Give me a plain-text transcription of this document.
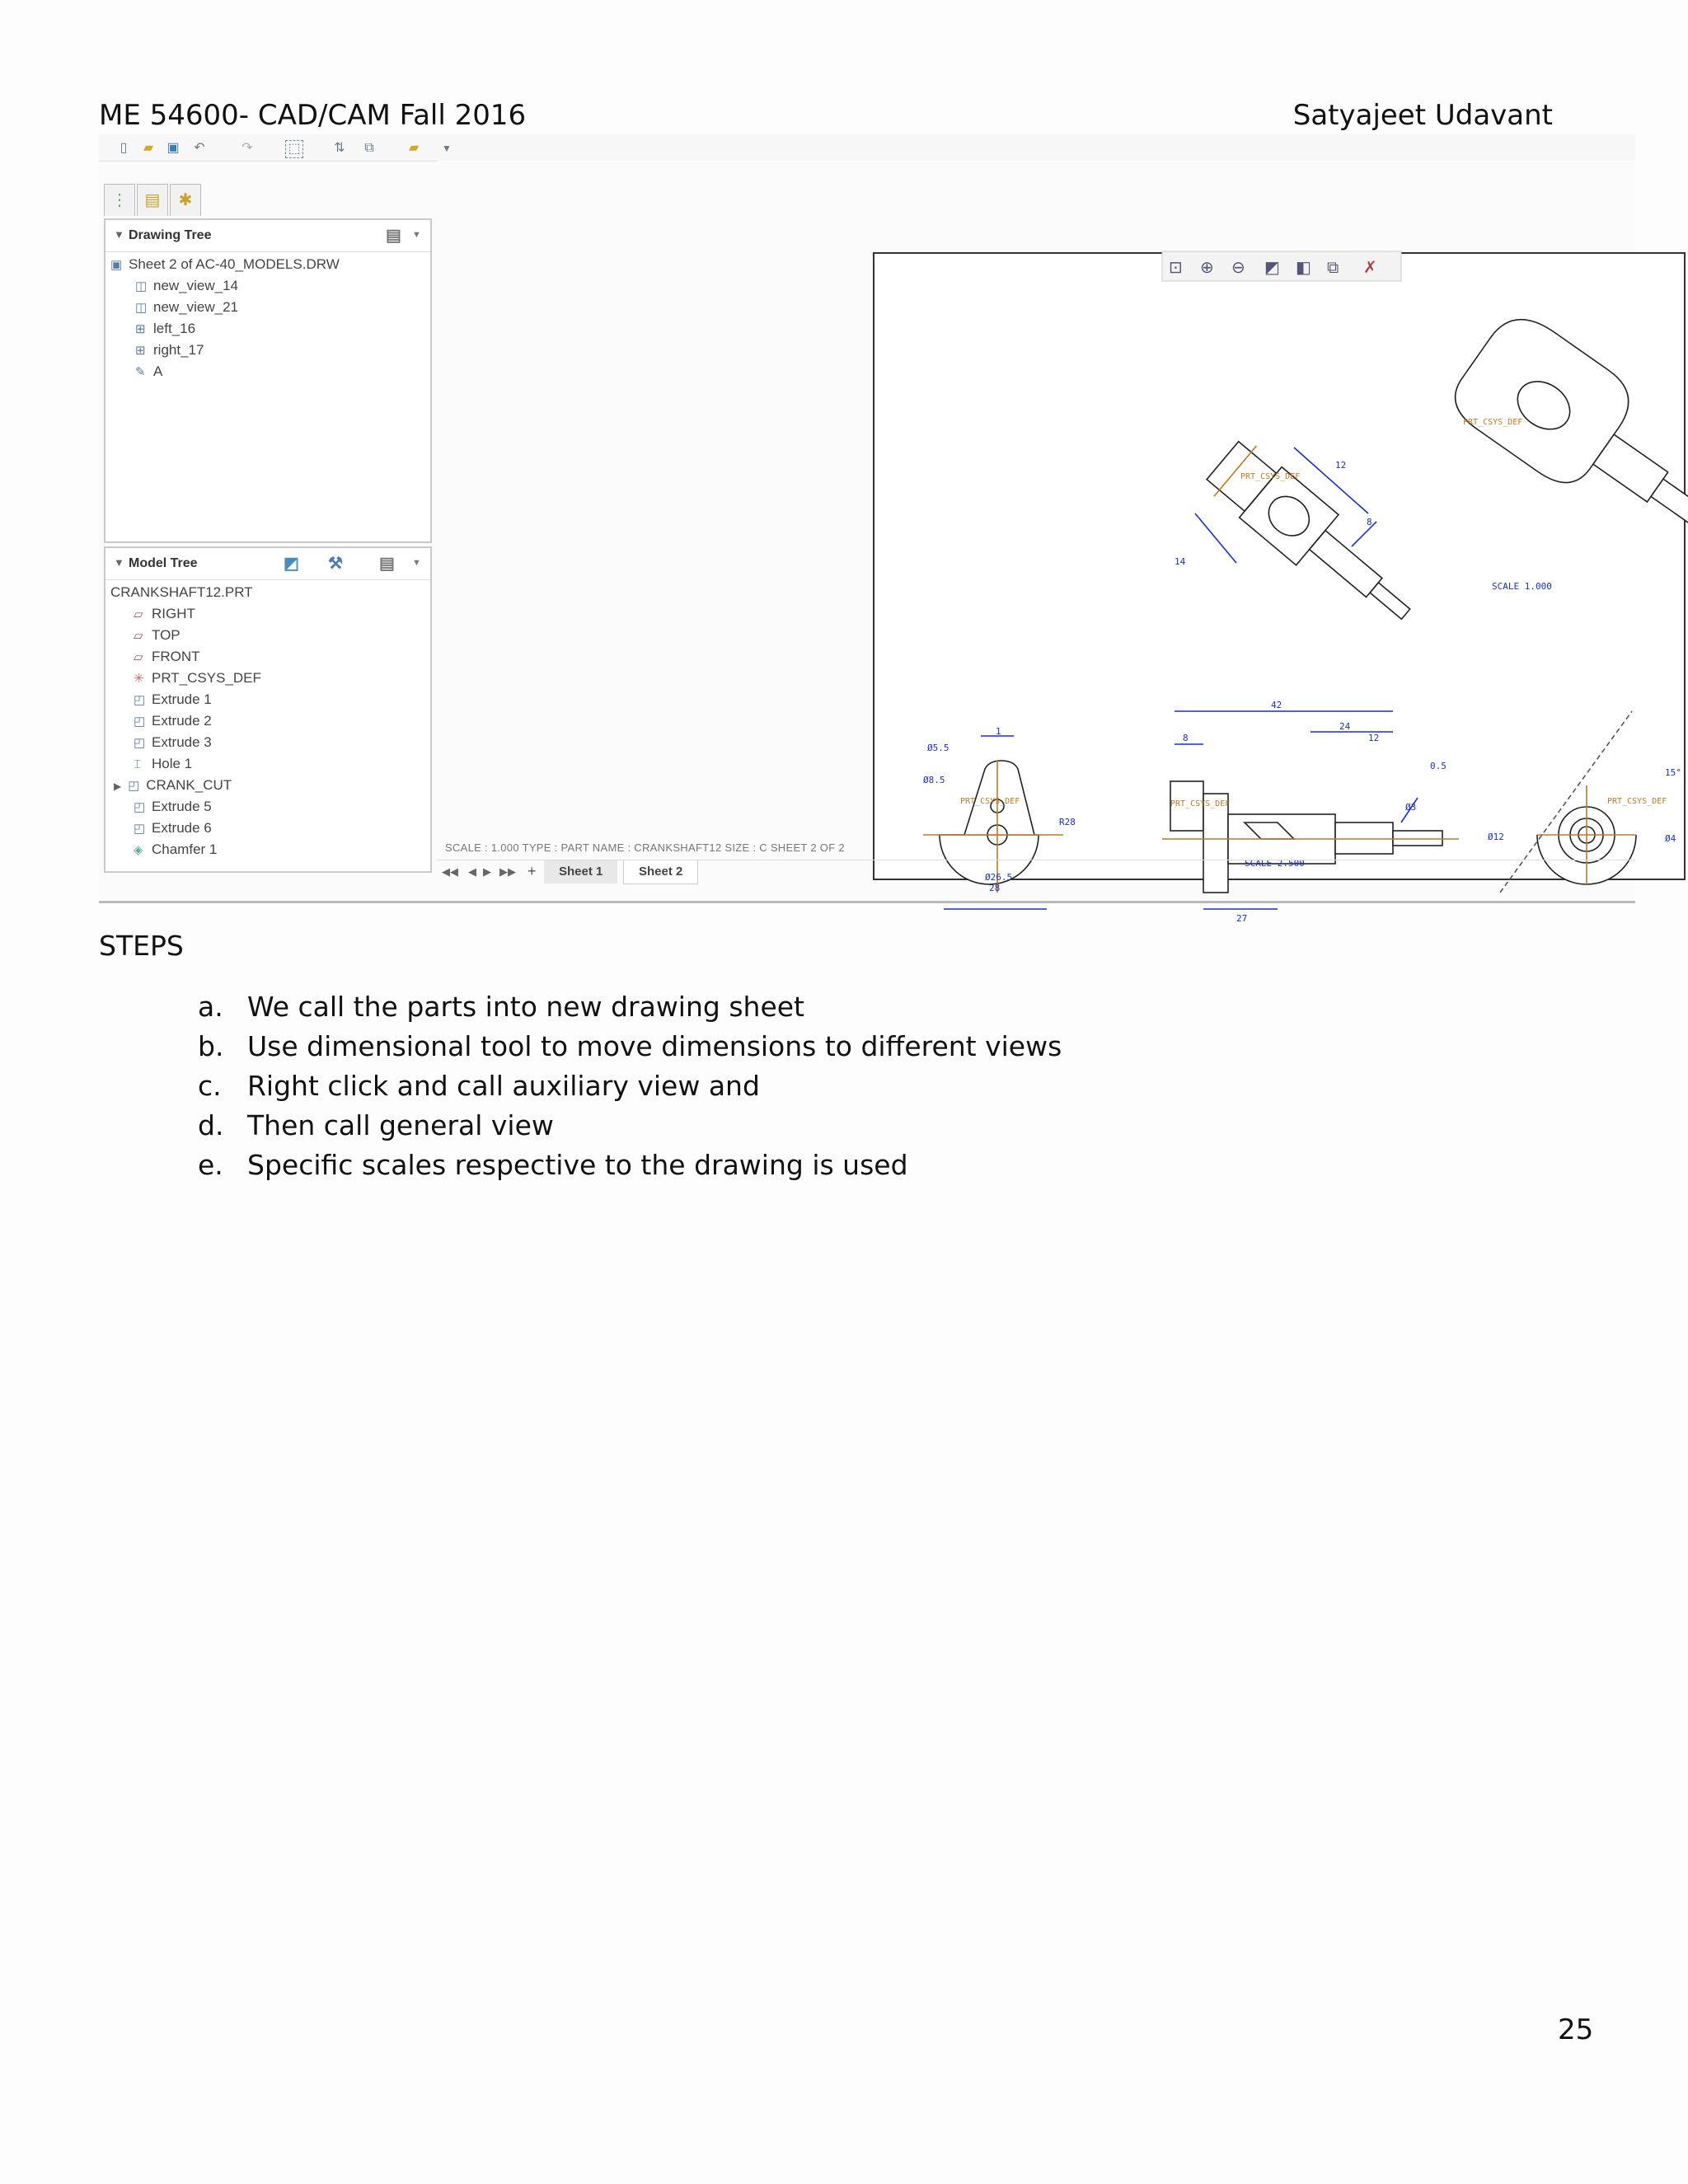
ME 54600- CAD/CAM Fall 2016	Satyajeet Udavant
▯	▰ ▣ ↶	↷	⬚	⇅ ⧉	▰	▼
⋮	▤	✱
▼ Drawing Tree	▤ ▼
▣ Sheet 2 of AC-40_MODELS.DRW
◫ new_view_14
◫ new_view_21
⊞ left_16
⊞ right_17
✎ A
▼ Model Tree	◩ ⚒ ▤ ▼
CRANKSHAFT12.PRT
▱ RIGHT
▱ TOP
▱ FRONT
✳ PRT_CSYS_DEF
◰ Extrude 1
◰ Extrude 2
◰ Extrude 3
⌶ Hole 1
▶ ◰ CRANK_CUT
◰ Extrude 5
◰ Extrude 6
◈ Chamfer 1
⊡ ⊕ ⊖ ◩ ◧ ⧉ ✗
42
24
12
8
0.5
Ø3
27
1
Ø5.5
Ø8.5
R28
Ø26.5
28
12
8
14
Ø12	Ø4
15°
SCALE 1.000
SCALE 2.500
PRT_CSYS_DEF
PRT_CSYS_DEF
PRT_CSYS_DEF
PRT_CSYS_DEF	PRT_CSYS_DEF
SCALE : 1.000 TYPE : PART NAME : CRANKSHAFT12 SIZE : C SHEET 2 OF 2
◀◀ ◀ ▶ ▶▶ +	Sheet 1	Sheet 2
STEPS
a. We call the parts into new drawing sheet
b. Use dimensional tool to move dimensions to different views
c. Right click and call auxiliary view and
d. Then call general view
e. Specific scales respective to the drawing is used
25
